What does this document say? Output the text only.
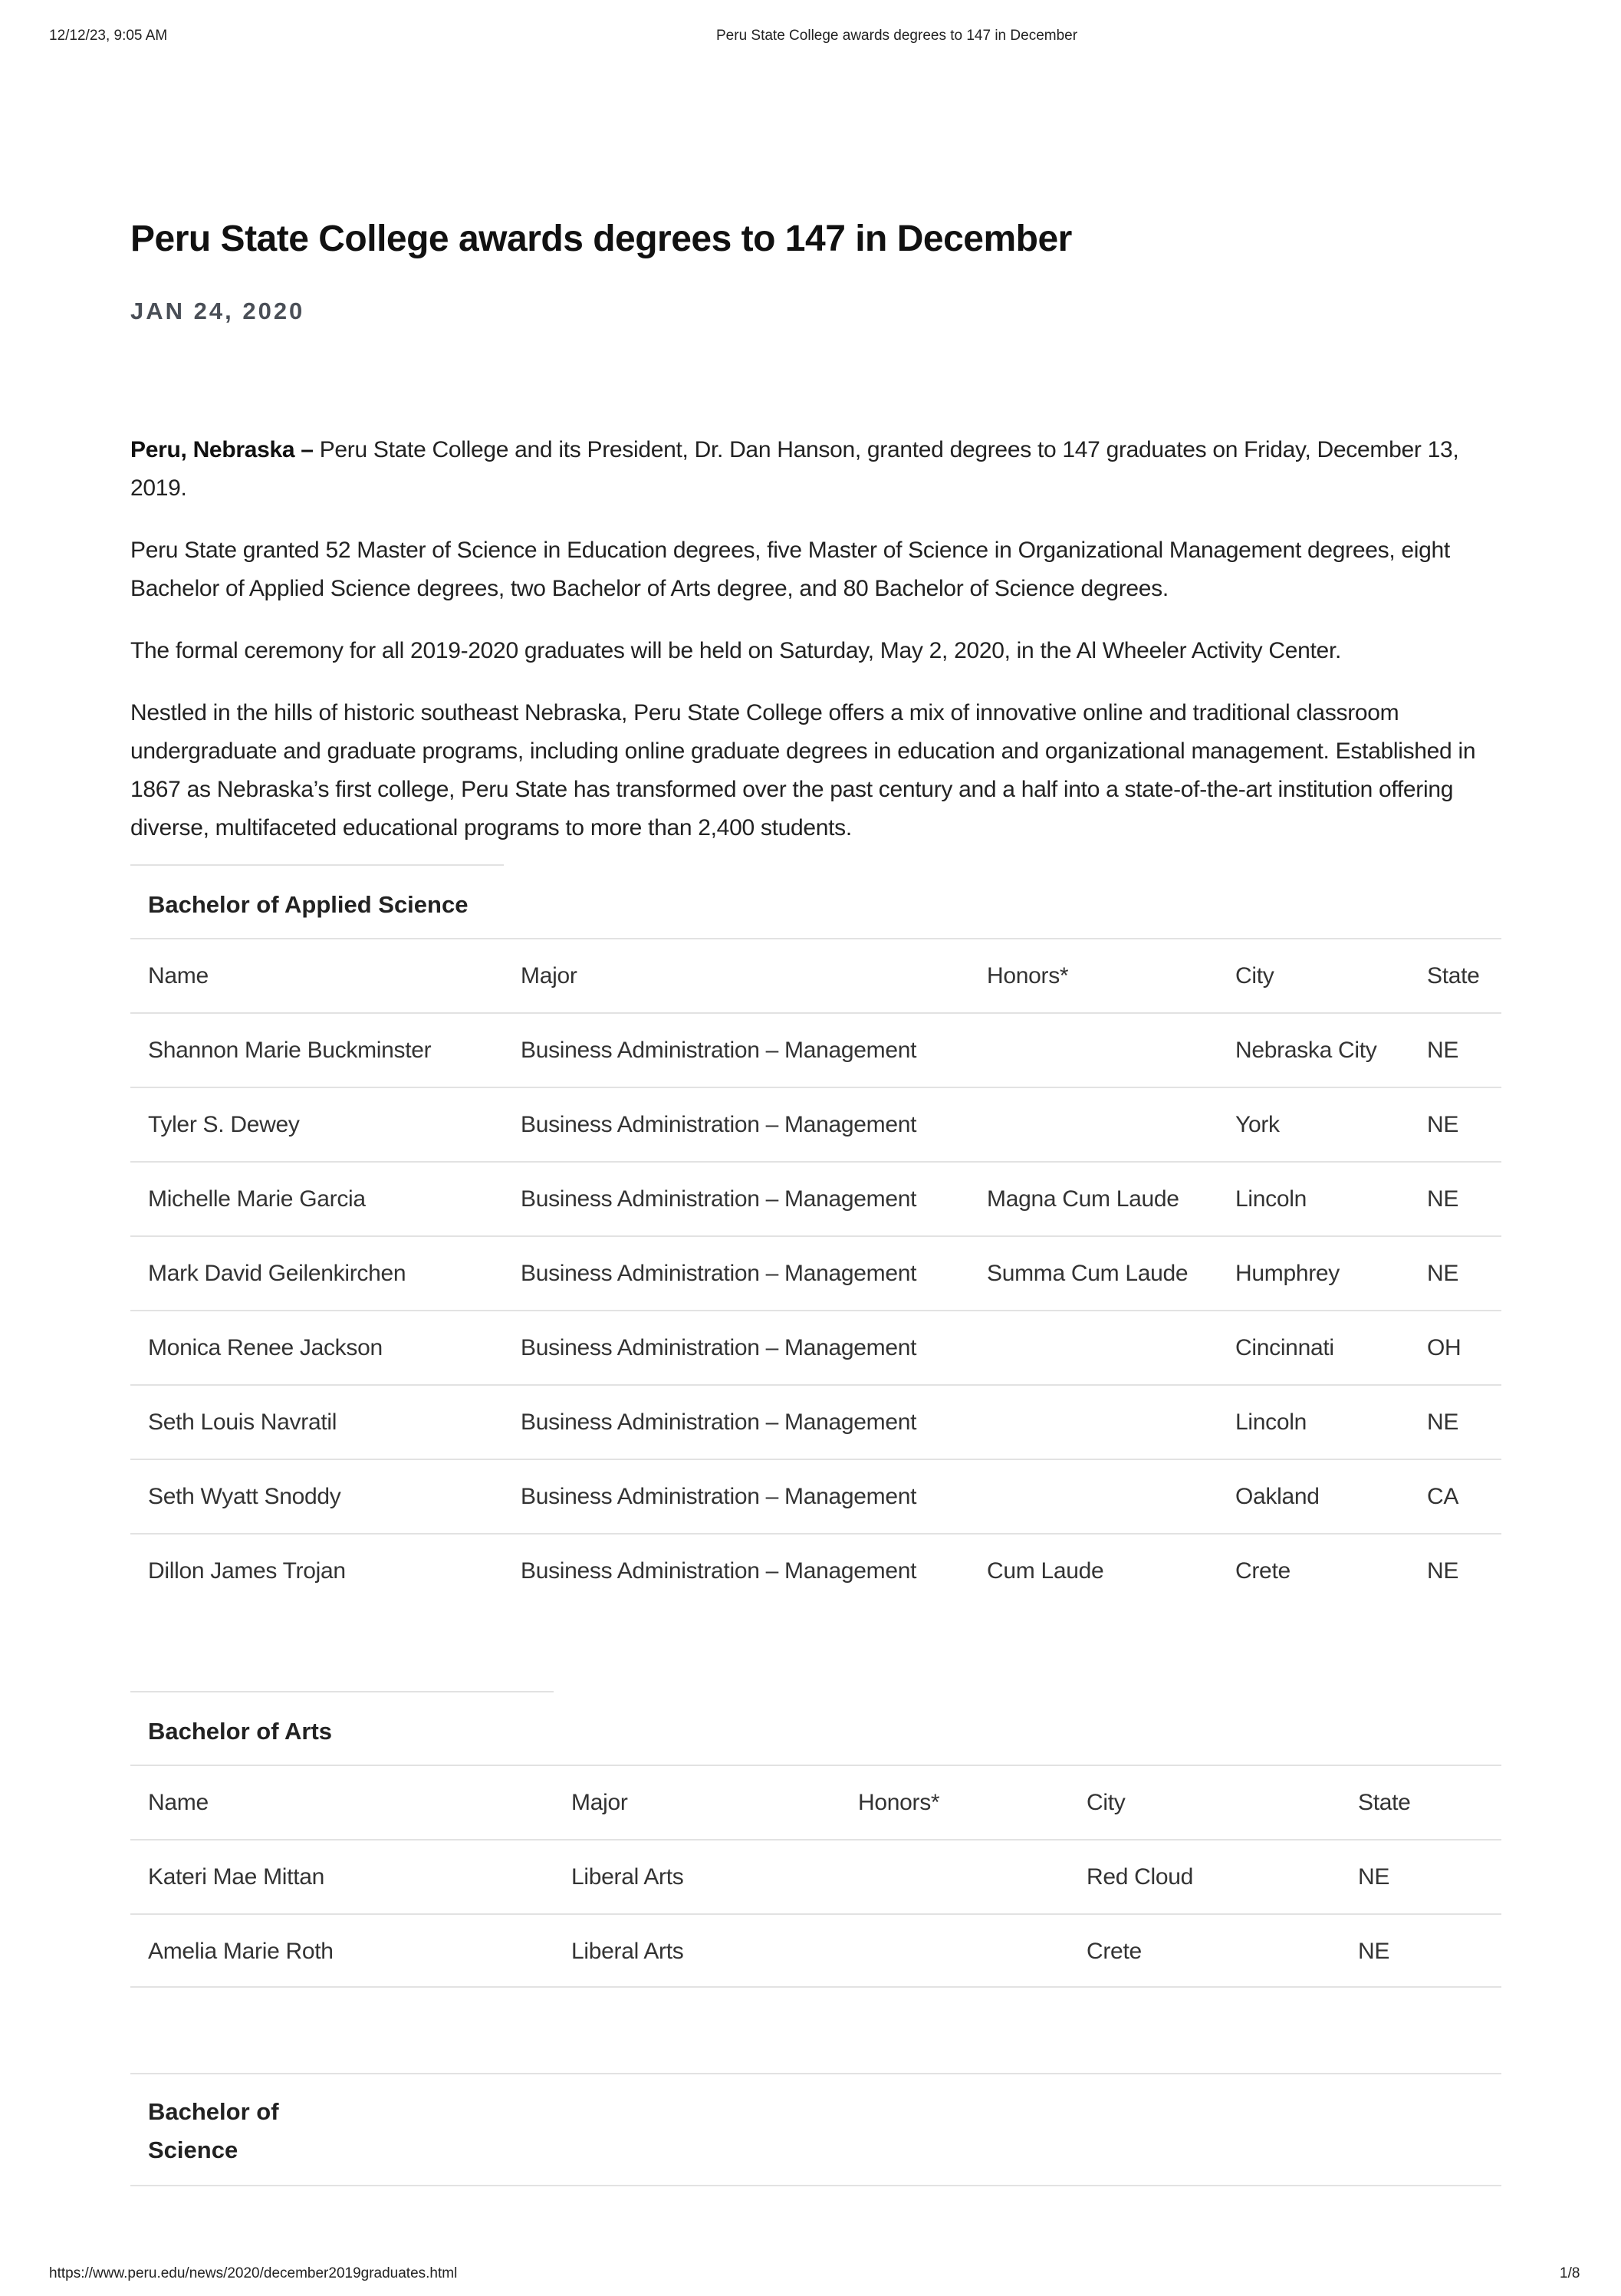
12/12/23, 9:05 AM	Peru State College awards degrees to 147 in December
Peru State College awards degrees to 147 in December
JAN 24, 2020

Peru, Nebraska – Peru State College and its President, Dr. Dan Hanson, granted degrees to 147 graduates on Friday, December 13, 2019.

Peru State granted 52 Master of Science in Education degrees, five Master of Science in Organizational Management degrees, eight Bachelor of Applied Science degrees, two Bachelor of Arts degree, and 80 Bachelor of Science degrees.

The formal ceremony for all 2019-2020 graduates will be held on Saturday, May 2, 2020, in the Al Wheeler Activity Center.

Nestled in the hills of historic southeast Nebraska, Peru State College offers a mix of innovative online and traditional classroom undergraduate and graduate programs, including online graduate degrees in education and organizational management. Established in 1867 as Nebraska’s first college, Peru State has transformed over the past century and a half into a state-of-the-art institution offering diverse, multifaceted educational programs to more than 2,400 students.

Bachelor of Applied Science
Name	Major	Honors*	City	State
Shannon Marie Buckminster	Business Administration – Management		Nebraska City	NE
Tyler S. Dewey	Business Administration – Management		York	NE
Michelle Marie Garcia	Business Administration – Management	Magna Cum Laude	Lincoln	NE
Mark David Geilenkirchen	Business Administration – Management	Summa Cum Laude	Humphrey	NE
Monica Renee Jackson	Business Administration – Management		Cincinnati	OH
Seth Louis Navratil	Business Administration – Management		Lincoln	NE
Seth Wyatt Snoddy	Business Administration – Management		Oakland	CA
Dillon James Trojan	Business Administration – Management	Cum Laude	Crete	NE
Bachelor of Arts
Name	Major	Honors*	City	State
Kateri Mae Mittan	Liberal Arts		Red Cloud	NE
Amelia Marie Roth	Liberal Arts		Crete	NE
Bachelor of
Science
https://www.peru.edu/news/2020/december2019graduates.html	1/8
